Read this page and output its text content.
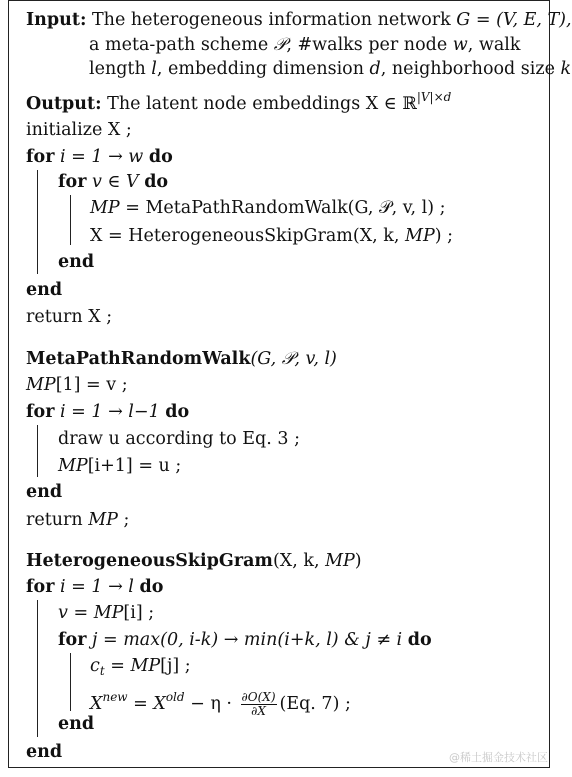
Input: The heterogeneous information network G = (V, E, T),
a meta-path scheme 𝒫, #walks per node w, walk
length l, embedding dimension d, neighborhood size k
Output: The latent node embeddings X ∈ ℝ$^{|V|\times d}$
initialize X ;
for i = 1 → w do
for v ∈ V do
MP = MetaPathRandomWalk(G, 𝒫, v, l) ;
X = HeterogeneousSkipGram(X, k, MP) ;
end
end
return X ;
MetaPathRandomWalk(G, 𝒫, v, l)
MP[1] = v ;
for i = 1 → l−1 do
draw u according to Eq. 3 ;
MP[i+1] = u ;
end
return MP ;
HeterogeneousSkipGram(X, k, MP)
for i = 1 → l do
v = MP[i] ;
for j = max(0, i-k) → min(i+k, l) & j ≠ i do
$c_t = MP[j]$ ;
$X^{new} = X^{old} - \eta \cdot \frac{\partial O(X)}{\partial X} (Eq$. 7) ;
end
end	@稀土掘金技术社区
